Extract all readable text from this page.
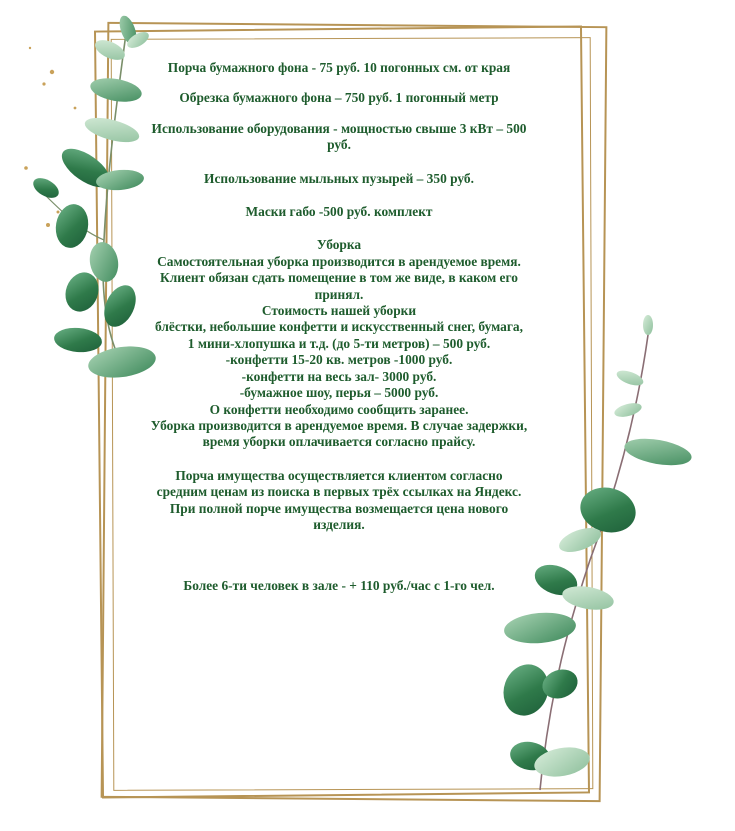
Порча бумажного фона - 75 руб. 10 погонных см. от края

Обрезка бумажного фона – 750 руб. 1 погонный метр

Использование оборудования - мощностью свыше 3 кВт – 500 руб.

Использование мыльных пузырей – 350 руб.

Маски габо -500 руб. комплект

Уборка

Самостоятельная уборка производится в арендуемое время. Клиент обязан сдать помещение в том же виде, в каком его принял.

Стоимость нашей уборки

блёстки, небольшие конфетти и искусственный снег, бумага, 1 мини-хлопушка и т.д. (до 5-ти метров) – 500 руб.

-конфетти 15-20 кв. метров -1000 руб.

-конфетти на весь зал- 3000 руб.

-бумажное шоу, перья – 5000 руб.

О конфетти необходимо сообщить заранее.

Уборка производится в арендуемое время. В случае задержки, время уборки оплачивается согласно прайсу.

Порча имущества осуществляется клиентом согласно средним ценам из поиска в первых трёх ссылках на Яндекс. При полной порче имущества возмещается цена нового изделия.

Более 6-ти человек в зале - + 110 руб./час с 1-го чел.
